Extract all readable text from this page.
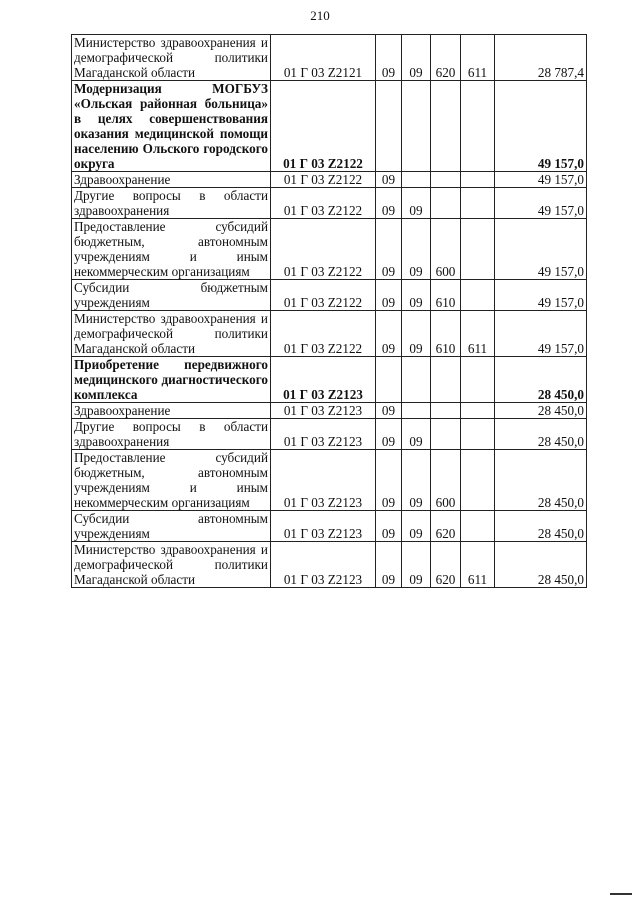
210
Министерство здравоохранения и демографической политики Магаданской области	01 Г 03 Z2121	09	09	620	611	28 787,4
Модернизация МОГБУЗ «Ольская районная больница» в целях совершенствования оказания медицинской помощи населению Ольского городского округа	01 Г 03 Z2122					49 157,0
Здравоохранение	01 Г 03 Z2122	09				49 157,0
Другие вопросы в области здравоохранения	01 Г 03 Z2122	09	09			49 157,0
Предоставление субсидий бюджетным, автономным учреждениям и иным некоммерческим организациям	01 Г 03 Z2122	09	09	600		49 157,0
Субсидии бюджетным учреждениям	01 Г 03 Z2122	09	09	610		49 157,0
Министерство здравоохранения и демографической политики Магаданской области	01 Г 03 Z2122	09	09	610	611	49 157,0
Приобретение передвижного медицинского диагностического комплекса	01 Г 03 Z2123					28 450,0
Здравоохранение	01 Г 03 Z2123	09				28 450,0
Другие вопросы в области здравоохранения	01 Г 03 Z2123	09	09			28 450,0
Предоставление субсидий бюджетным, автономным учреждениям и иным некоммерческим организациям	01 Г 03 Z2123	09	09	600		28 450,0
Субсидии автономным учреждениям	01 Г 03 Z2123	09	09	620		28 450,0
Министерство здравоохранения и демографической политики Магаданской области	01 Г 03 Z2123	09	09	620	611	28 450,0
